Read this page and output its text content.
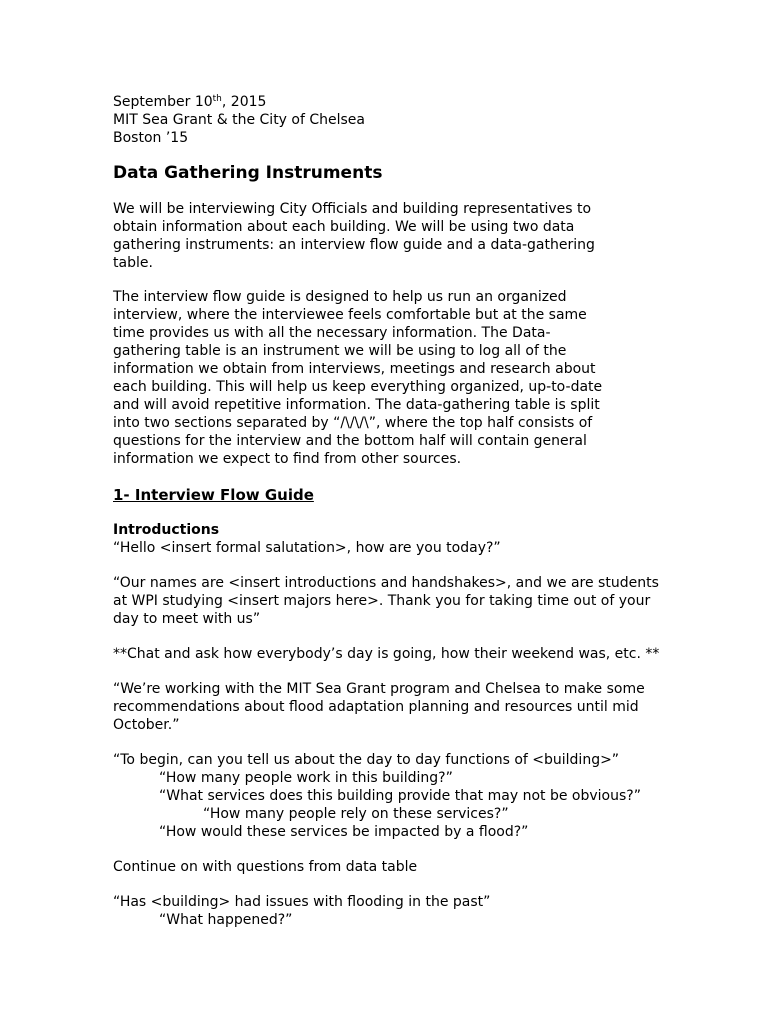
September 10th, 2015
MIT Sea Grant & the City of Chelsea
Boston ’15
Data Gathering Instruments
We will be interviewing City Officials and building representatives to
obtain information about each building. We will be using two data
gathering instruments: an interview flow guide and a data-gathering
table.
The interview flow guide is designed to help us run an organized
interview, where the interviewee feels comfortable but at the same
time provides us with all the necessary information. The Data-
gathering table is an instrument we will be using to log all of the
information we obtain from interviews, meetings and research about
each building. This will help us keep everything organized, up-to-date
and will avoid repetitive information. The data-gathering table is split
into two sections separated by “/\/\/\”, where the top half consists of
questions for the interview and the bottom half will contain general
information we expect to find from other sources.
1- Interview Flow Guide
Introductions
“Hello <insert formal salutation>, how are you today?”
“Our names are <insert introductions and handshakes>, and we are students
at WPI studying <insert majors here>. Thank you for taking time out of your
day to meet with us”
**Chat and ask how everybody’s day is going, how their weekend was, etc. **
“We’re working with the MIT Sea Grant program and Chelsea to make some
recommendations about flood adaptation planning and resources until mid
October.”
“To begin, can you tell us about the day to day functions of <building>”
“How many people work in this building?”
“What services does this building provide that may not be obvious?”
“How many people rely on these services?”
“How would these services be impacted by a flood?”
Continue on with questions from data table
“Has <building> had issues with flooding in the past”
“What happened?”
